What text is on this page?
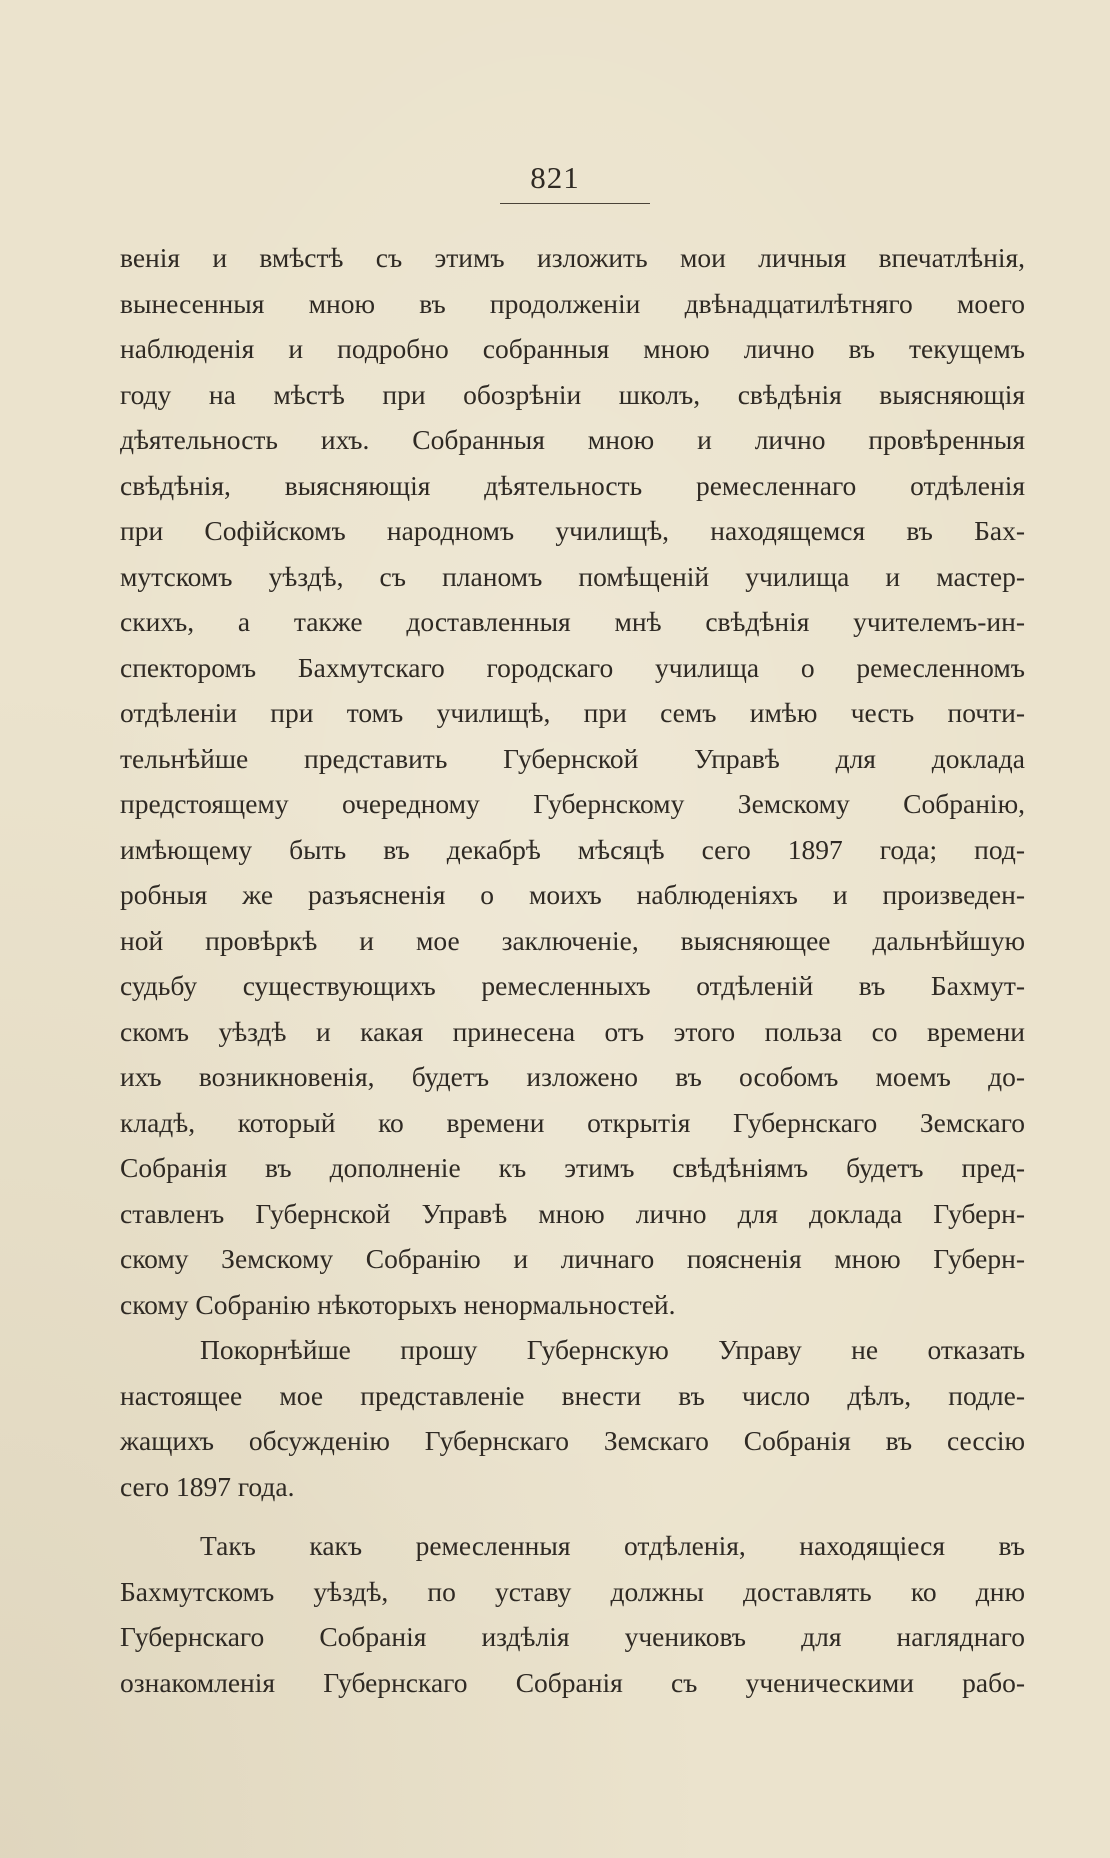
821
венія и вмѣстѣ съ этимъ изложить мои личныя впечатлѣнія,
вынесенныя мною въ продолженіи двѣнадцатилѣтняго моего
наблюденія и подробно собранныя мною лично въ текущемъ
году на мѣстѣ при обозрѣніи школъ, свѣдѣнія выясняющія
дѣятельность ихъ. Собранныя мною и лично провѣренныя
свѣдѣнія, выясняющія дѣятельность ремесленнаго отдѣленія
при Софійскомъ народномъ училищѣ, находящемся въ Бах-
мутскомъ уѣздѣ, съ планомъ помѣщеній училища и мастер-
скихъ, а также доставленныя мнѣ свѣдѣнія учителемъ-ин-
спекторомъ Бахмутскаго городскаго училища о ремесленномъ
отдѣленіи при томъ училищѣ, при семъ имѣю честь почти-
тельнѣйше представить Губернской Управѣ для доклада
предстоящему очередному Губернскому Земскому Собранію,
имѣющему быть въ декабрѣ мѣсяцѣ сего 1897 года; под-
робныя же разъясненія о моихъ наблюденіяхъ и произведен-
ной провѣркѣ и мое заключеніе, выясняющее дальнѣйшую
судьбу существующихъ ремесленныхъ отдѣленій въ Бахмут-
скомъ уѣздѣ и какая принесена отъ этого польза со времени
ихъ возникновенія, будетъ изложено въ особомъ моемъ до-
кладѣ, который ко времени открытія Губернскаго Земскаго
Собранія въ дополненіе къ этимъ свѣдѣніямъ будетъ пред-
ставленъ Губернской Управѣ мною лично для доклада Губерн-
скому Земскому Собранію и личнаго поясненія мною Губерн-
скому Собранію нѣкоторыхъ ненормальностей.
Покорнѣйше прошу Губернскую Управу не отказать
настоящее мое представленіе внести въ число дѣлъ, подле-
жащихъ обсужденію Губернскаго Земскаго Собранія въ сессію
сего 1897 года.
Такъ какъ ремесленныя отдѣленія, находящіеся въ
Бахмутскомъ уѣздѣ, по уставу должны доставлять ко дню
Губернскаго Собранія издѣлія учениковъ для нагляднаго
ознакомленія Губернскаго Собранія съ ученическими рабо-
